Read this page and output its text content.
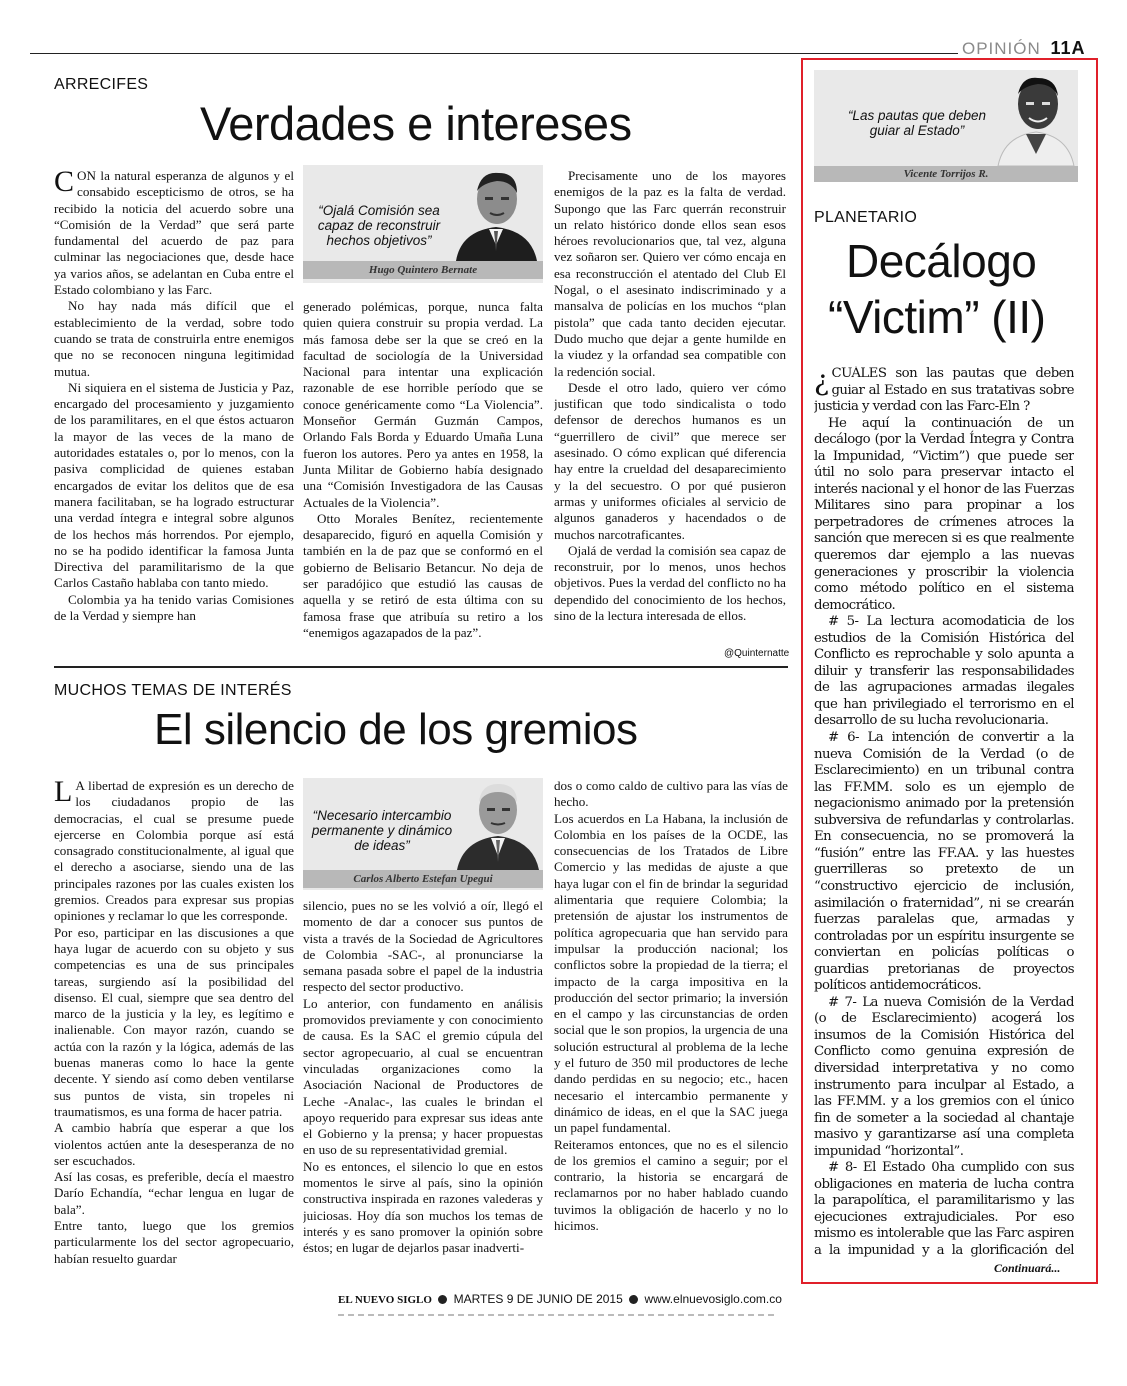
OPINIÓN 11A
ARRECIFES
Verdades e intereses
C ON la natural esperanza de algunos y el consabido escepticismo de otros, se ha recibido la noticia del acuerdo sobre una “Comisión de la Verdad” que será parte fundamental del acuerdo de paz para culminar las negociaciones que, desde hace ya varios años, se adelantan en Cuba entre el Estado colombiano y las Farc.

No hay nada más difícil que el establecimiento de la verdad, sobre todo cuando se trata de construirla entre enemigos que no se reconocen ninguna legitimidad mutua.

Ni siquiera en el sistema de Justicia y Paz, encargado del procesamiento y juzgamiento de los paramilitares, en el que éstos actuaron la mayor de las veces de la mano de autoridades estatales o, por lo menos, con la pasiva complicidad de quienes estaban encargados de evitar los delitos que de esa manera facilitaban, se ha logrado estructurar una verdad íntegra e integral sobre algunos de los hechos más horrendos. Por ejemplo, no se ha podido identificar la famosa Junta Directiva del paramilitarismo de la que Carlos Castaño hablaba con tanto miedo.

Colombia ya ha tenido varias Comisiones de la Verdad y siempre han

“Ojalá Comisión sea capaz de reconstruir hechos objetivos”
Hugo Quintero Bernate

generado polémicas, porque, nunca falta quien quiera construir su propia verdad. La más famosa debe ser la que se creó en la facultad de sociología de la Universidad Nacional para intentar una explicación razonable de ese horrible período que se conoce genéricamente como “La Violencia”. Monseñor Germán Guzmán Campos, Orlando Fals Borda y Eduardo Umaña Luna fueron los autores. Pero ya antes en 1958, la Junta Militar de Gobierno había designado una “Comisión Investigadora de las Causas Actuales de la Violencia”.

Otto Morales Benítez, recientemente desaparecido, figuró en aquella Comisión y también en la de paz que se conformó en el gobierno de Belisario Betancur. No deja de ser paradójico que estudió las causas de aquella y se retiró de esta última con su famosa frase que atribuía su retiro a los “enemigos agazapados de la paz”.

Precisamente uno de los mayores enemigos de la paz es la falta de verdad. Supongo que las Farc querrán reconstruir un relato histórico donde ellos sean esos héroes revolucionarios que, tal vez, alguna vez soñaron ser. Quiero ver cómo encaja en esa reconstrucción el atentado del Club El Nogal, o el asesinato indiscriminado y a mansalva de policías en los muchos “plan pistola” que cada tanto deciden ejecutar. Dudo mucho que dejar a gente humilde en la viudez y la orfandad sea compatible con la redención social.

Desde el otro lado, quiero ver cómo justifican que todo sindicalista o todo defensor de derechos humanos es un “guerrillero de civil” que merece ser asesinado. O cómo explican qué diferencia hay entre la crueldad del desaparecimiento y la del secuestro. O por qué pusieron armas y uniformes oficiales al servicio de algunos ganaderos y hacendados o de muchos narcotraficantes.

Ojalá de verdad la comisión sea capaz de reconstruir, por lo menos, unos hechos objetivos. Pues la verdad del conflicto no ha dependido del conocimiento de los hechos, sino de la lectura interesada de ellos.

@Quinternatte
MUCHOS TEMAS DE INTERÉS
El silencio de los gremios
L A libertad de expresión es un derecho de los ciudadanos propio de las democracias, el cual se presume puede ejercerse en Colombia porque así está consagrado constitucionalmente, al igual que el derecho a asociarse, siendo una de las principales razones por las cuales existen los gremios. Creados para expresar sus propias opiniones y reclamar lo que les corresponde.

Por eso, participar en las discusiones a que haya lugar de acuerdo con su objeto y sus competencias es una de sus principales tareas, surgiendo así la posibilidad del disenso. El cual, siempre que sea dentro del marco de la justicia y la ley, es legítimo e inalienable. Con mayor razón, cuando se actúa con la razón y la lógica, además de las buenas maneras como lo hace la gente decente. Y siendo así como deben ventilarse sus puntos de vista, sin tropeles ni traumatismos, es una forma de hacer patria.

A cambio habría que esperar a que los violentos actúen ante la desesperanza de no ser escuchados.

Así las cosas, es preferible, decía el maestro Darío Echandía, “echar lengua en lugar de bala”.

Entre tanto, luego que los gremios particularmente los del sector agropecuario, habían resuelto guardar

“Necesario intercambio permanente y dinámico de ideas”
Carlos Alberto Estefan Upegui

silencio, pues no se les volvió a oír, llegó el momento de dar a conocer sus puntos de vista a través de la Sociedad de Agricultores de Colombia -SAC-, al pronunciarse la semana pasada sobre el papel de la industria respecto del sector productivo.

Lo anterior, con fundamento en análisis promovidos previamente y con conocimiento de causa. Es la SAC el gremio cúpula del sector agropecuario, al cual se encuentran vinculadas organizaciones como la Asociación Nacional de Productores de Leche -Analac-, las cuales le brindan el apoyo requerido para expresar sus ideas ante el Gobierno y la prensa; y hacer propuestas en uso de su representatividad gremial.

No es entonces, el silencio lo que en estos momentos le sirve al país, sino la opinión constructiva inspirada en razones valederas y juiciosas. Hoy día son muchos los temas de interés y es sano promover la opinión sobre éstos; en lugar de dejarlos pasar inadverti-

dos o como caldo de cultivo para las vías de hecho.

Los acuerdos en La Habana, la inclusión de Colombia en los países de la OCDE, las consecuencias de los Tratados de Libre Comercio y las medidas de ajuste a que haya lugar con el fin de brindar la seguridad alimentaria que requiere Colombia; la pretensión de ajustar los instrumentos de política agropecuaria que han servido para impulsar la producción nacional; los conflictos sobre la propiedad de la tierra; el impacto de la carga impositiva en la producción del sector primario; la inversión en el campo y las circunstancias de orden social que le son propios, la urgencia de una solución estructural al problema de la leche y el futuro de 350 mil productores de leche dando perdidas en su negocio; etc., hacen necesario el intercambio permanente y dinámico de ideas, en el que la SAC juega un papel fundamental.

Reiteramos entonces, que no es el silencio de los gremios el camino a seguir; por el contrario, la historia se encargará de reclamarnos por no haber hablado cuando tuvimos la obligación de hacerlo y no lo hicimos.

“Las pautas que deben guiar al Estado”
Vicente Torrijos R.
PLANETARIO
Decálogo
“Victim” (II)
¿ CUÁLES son las pautas que deben guiar al Estado en sus tratativas sobre justicia y verdad con las Farc-Eln ?

He aquí la continuación de un decálogo (por la Verdad Íntegra y Contra la Impunidad, “Victim”) que puede ser útil no solo para preservar intacto el interés nacional y el honor de las Fuerzas Militares sino para propinar a los perpetradores de crímenes atroces la sanción que merecen si es que realmente queremos dar ejemplo a las nuevas generaciones y proscribir la violencia como método político en el sistema democrático.

# 5- La lectura acomodaticia de los estudios de la Comisión Histórica del Conflicto es reprochable y solo apunta a diluir y transferir las responsabilidades de las agrupaciones armadas ilegales que han privilegiado el terrorismo en el desarrollo de su lucha revolucionaria.

# 6- La intención de convertir a la nueva Comisión de la Verdad (o de Esclarecimiento) en un tribunal contra las FF.MM. solo es un ejemplo de negacionismo animado por la pretensión subversiva de refundarlas y controlarlas. En consecuencia, no se promoverá la “fusión” entre las FF.AA. y las huestes guerrilleras so pretexto de un “constructivo ejercicio de inclusión, asimilación o fraternidad”, ni se crearán fuerzas paralelas que, armadas y controladas por un espíritu insurgente se conviertan en policías políticas o guardias pretorianas de proyectos políticos antidemocráticos.

# 7- La nueva Comisión de la Verdad (o de Esclarecimiento) acogerá los insumos de la Comisión Histórica del Conflicto como genuina expresión de diversidad interpretativa y no como instrumento para inculpar al Estado, a las FF.MM. y a los gremios con el único fin de someter a la sociedad al chantaje masivo y garantizarse así una completa impunidad “horizontal”.

# 8- El Estado 0ha cumplido con sus obligaciones en materia de lucha contra la parapolítica, el paramilitarismo y las ejecuciones extrajudiciales. Por eso mismo es intolerable que las Farc aspiren a la impunidad y a la glorificación del

Continuará...
EL NUEVO SIGLO MARTES 9 DE JUNIO DE 2015 www.elnuevosiglo.com.co
